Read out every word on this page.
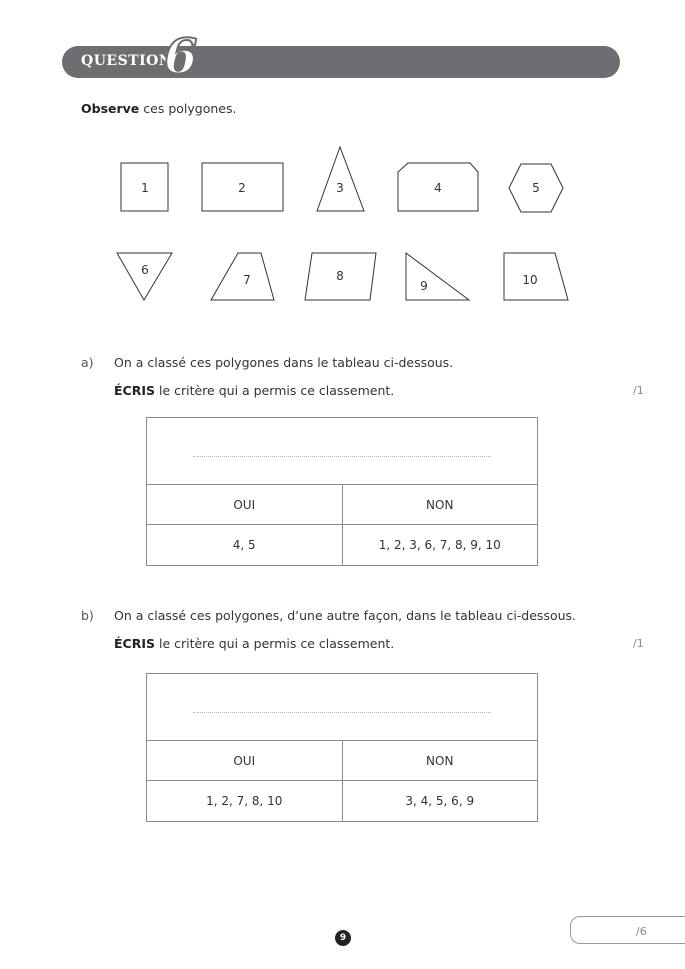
QUESTION
6
Observe ces polygones.
1	2	3	4	5
6
7	8
9	10
a) On a classé ces polygones dans le tableau ci-dessous.
ÉCRIS le critère qui a permis ce classement.	/1

OUI	NON
4, 5	1, 2, 3, 6, 7, 8, 9, 10
b) On a classé ces polygones, d’une autre façon, dans le tableau ci-dessous.
ÉCRIS le critère qui a permis ce classement.	/1

OUI	NON
1, 2, 7, 8, 10	3, 4, 5, 6, 9
/6
9
